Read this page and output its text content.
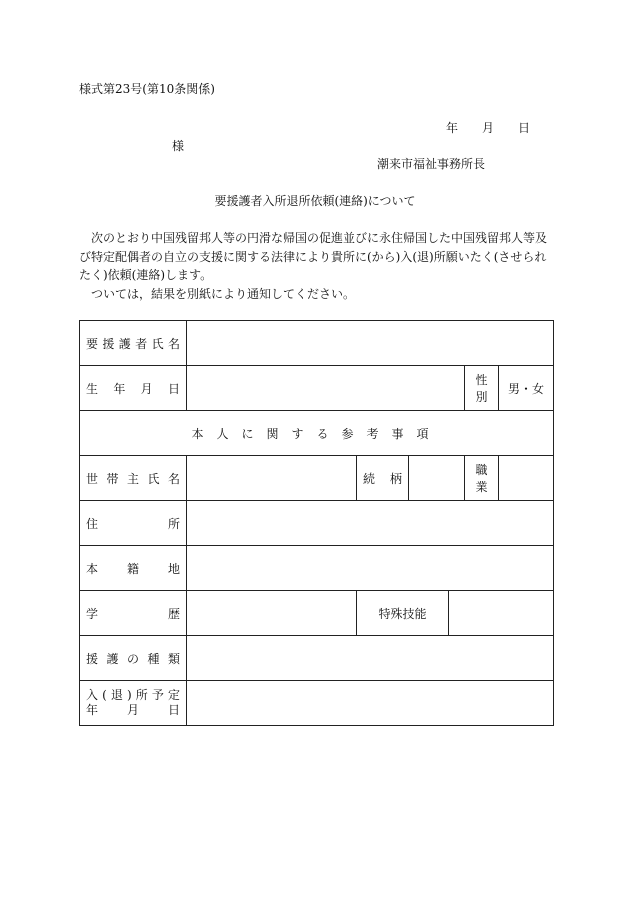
様式第23号(第10条関係)
年 月 日
様
潮来市福祉事務所長
要援護者入所退所依頼(連絡)について

次のとおり中国残留邦人等の円滑な帰国の促進並びに永住帰国した中国残留邦人等及び特定配偶者の自立の支援に関する法律により貴所に(から)入(退)所願いたく(させられたく)依頼(連絡)します。

ついては，結果を別紙により通知してください。

要援護者氏名						
生年月日					性別	男・女
本人に関する参考事項						
世帯主氏名		続柄			職業	
住所						
本籍地						
学歴		特殊技能				
援護の種類						

入(退)所予定
年月日						
